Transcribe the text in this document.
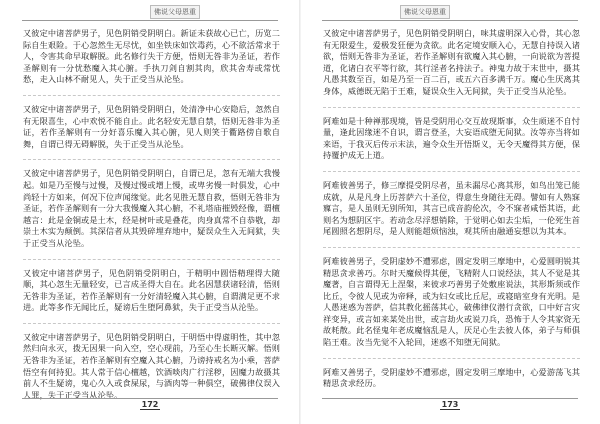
佛说父母恩重

又彼定中诸菩萨男子，见色阴销受阴明白。新证未获故心已亡，历览二际自生艰险。于心忽然生无尽忧，如坐铁床如饮毒药，心不欲活常求于人，令害其命早取解脱。此名修行失于方便，悟则无咎非为圣证，若作圣解则有一分忧愁魔入其心腑。手执刀剑自割其肉，欣其舍寿或常忧愁，走入山林不耐见人，失于正受当从沦坠。

又彼定中诸菩萨男子，见色阴销受阴明白，处清净中心安隐后，忽然自有无限喜生，心中欢悦不能自止。此名轻安无慧自禁，悟则无咎非为圣证，若作圣解则有一分好喜乐魔入其心腑，见人则笑于衢路傍自歌自舞，自谓已得无碍解脱，失于正受当从沦坠。

又彼定中诸菩萨男子，见色阴销受阴明白，自谓已足，忽有无端大我慢起。如是乃至慢与过慢，及慢过慢或增上慢，或卑劣慢一时俱发，心中尚轻十方如来，何况下位声闻缘觉。此名见胜无慧自救，悟则无咎非为圣证，若作圣解则有一分大我慢魔入其心腑，不礼塔庙摧毁经像，谓檀越言：此是金铜或是土木，经是树叶或是叠花，肉身真常不自恭敬，却崇土木实为颠倒。其深信者从其毁碎埋弃地中，疑误众生入无间狱，失于正受当从沦坠。

又彼定中诸菩萨男子，见色阴销受阴明白，于精明中圆悟精理得大随顺，其心忽生无量轻安，已言成圣得大自在。此名因慧获诸轻清，悟则无咎非为圣证，若作圣解则有一分好清轻魔入其心腑，自谓满足更不求进。此等多作无闻比丘，疑谤后生堕阿鼻狱，失于正受当从沦坠。

又彼定中诸菩萨男子，见色阴销受阴明白，于明悟中得虚明性，其中忽然归向永灭，拨无因果一向入空，空心现前，乃至心生长断灭解。悟则无咎非为圣证，若作圣解则有空魔入其心腑，乃谤持戒名为小乘，菩萨悟空有何持犯。其人常于信心檀越，饮酒啖肉广行淫秽，因魔力故摄其前人不生疑谤，鬼心久入或食屎尿，与酒肉等一种俱空，破佛律仪误入人罪，失于正受当从沦坠。

172
佛说父母恩重

又彼定中诸菩萨男子，见色阴销受阴明白，味其虚明深入心骨，其心忽有无限爱生，爱极发狂便为贪欲。此名定境安顺入心，无慧自持误入诸欲，悟则无咎非为圣证，若作圣解则有欲魔入其心腑，一向说欲为菩提道，化诸白衣平等行欲，其行淫者名持法子。神鬼力故于末世中，摄其凡愚其数至百，如是乃至一百二百，或五六百多满千万。魔心生厌离其身体，威德既无陷于王难，疑误众生入无间狱，失于正受当从沦坠。

阿难如是十种禅那现境，皆是受阴用心交互故现斯事，众生顽迷不自忖量，逢此因缘迷不自识，谓言登圣，大妄语成堕无间狱。汝等亦当将如来语，于我灭后传示末法，遍令众生开悟斯义，无令天魔得其方便，保持覆护成无上道。

阿难彼善男子，修三摩提受阴尽者，虽未漏尽心离其形，如鸟出笼已能成就，从是凡身上历菩萨六十圣位，得意生身随往无碍。譬如有人熟寐寱言，是人虽则无别所知，其言已成音韵伦次，令不寐者咸悟其语，此则名为想阴区宇。若动念尽浮想销除，于觉明心如去尘垢，一伦死生首尾圆照名想阴尽，是人则能超烦恼浊，观其所由融通妄想以为其本。

阿难彼善男子，受阴虚妙不遭邪虑，圆定发明三摩地中，心爱圆明锐其精思贪求善巧。尔时天魔候得其便，飞精附人口说经法，其人不觉是其魔著，自言谓得无上涅槃，来彼求巧善男子处敷座说法，其形斯须或作比丘，令彼人见或为帝释，或为妇女或比丘尼，或寝暗室身有光明。是人愚迷惑为菩萨，信其教化摇荡其心，破佛律仪潜行贪欲，口中好言灾祥变异，或言如来某处出世，或言劫火或说刀兵，恐怖于人令其家资无故耗散。此名怪鬼年老成魔恼乱是人，厌足心生去彼人体，弟子与师俱陷王难。汝当先觉不入轮回，迷惑不知堕无间狱。

阿难又善男子，受阴虚妙不遭邪虑，圆定发明三摩地中，心爱游荡飞其精思贪求经历。

173
